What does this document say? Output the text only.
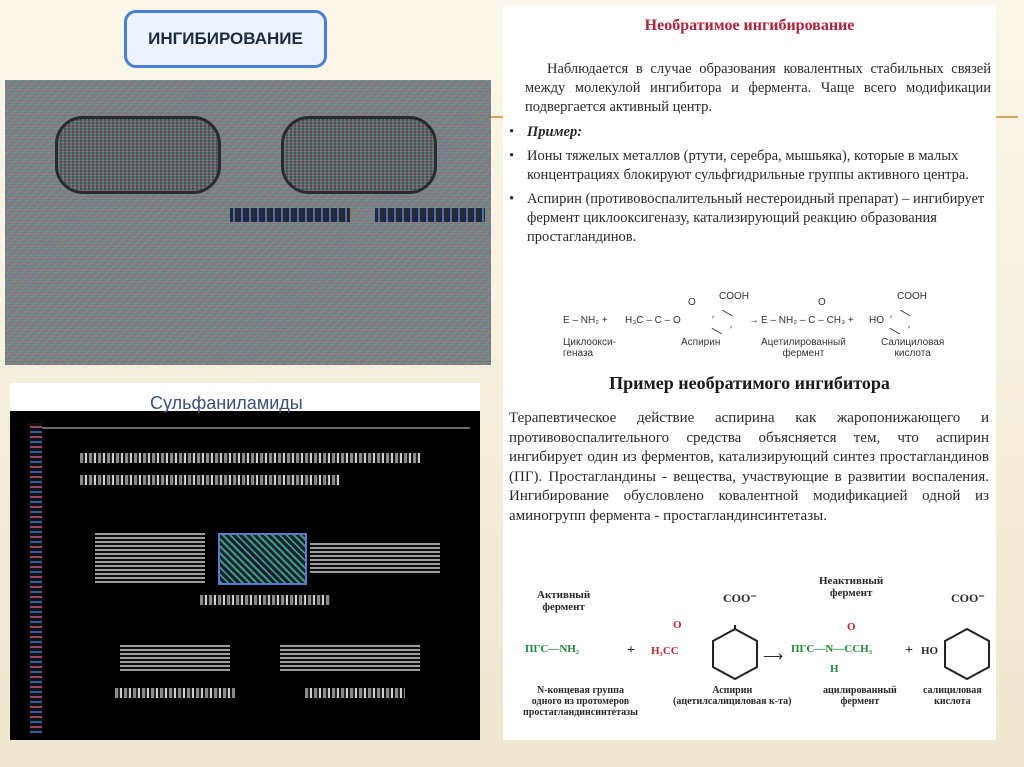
ИНГИБИРОВАНИЕ
Сульфаниламиды
Необратимое ингибирование
Наблюдается в случае образования ковалентных стабильных связей между молекулой ингибитора и фермента. Чаще всего модификации подвергается активный центр.
• Пример:
• Ионы тяжелых металлов (ртути, серебра, мышьяка), которые в малых концентрациях блокируют сульфгидрильные группы активного центра.
• Аспирин (противовоспалительный нестероидный препарат) – ингибирует фермент циклооксигеназу, катализирующий реакцию образования простагландинов.
E – NH₂ + H₃C – C – O
O
COOH
→ E – NH₂ – C – CH₃ +
O
HO
COOH
Циклоокси-
геназа
Аспирин	Ацетилированный
фермент
Салициловая
кислота
Пример необратимого ингибитора
Терапевтическое действие аспирина как жаропонижающего и противовоспалительного средства объясняется тем, что аспирин ингибирует один из ферментов, катализирующий синтез простагландинов (ПГ). Простагландины - вещества, участвующие в развитии воспаления. Ингибирование обусловлено ковалентной модификацией одной из аминогрупп фермента - простагландинсинтетазы.
Активный
фермент
Неактивный
фермент
ПГС—NH₂	+ H₃CC
O
COO⁻
⟶
ПГС—N—CCH₃
O
H
+ HO
COO⁻
N-концевая группа
одного из протомеров
простагландинсинтетазы
Аспирин
(ацетилсалициловая к-та)
ацилированный
фермент
салициловая
кислота
